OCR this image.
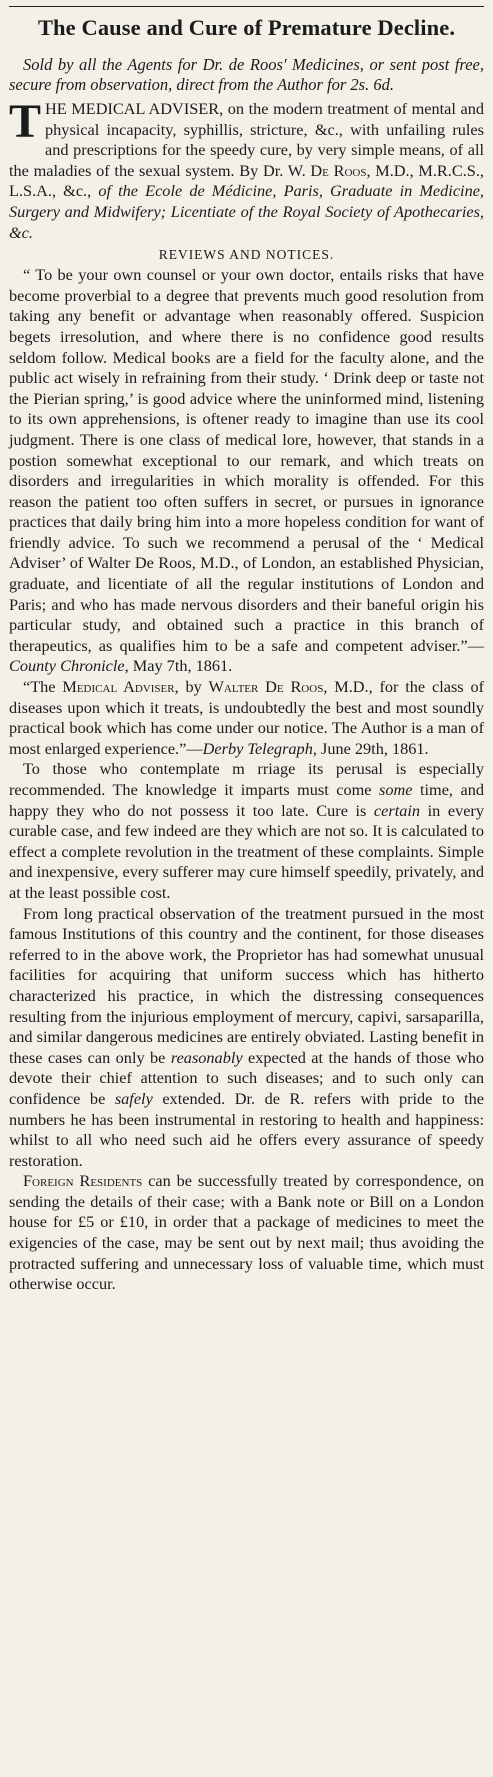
The Cause and Cure of Premature Decline.

Sold by all the Agents for Dr. de Roos' Medicines, or sent post free, secure from observation, direct from the Author for 2s. 6d.

THE MEDICAL ADVISER, on the modern treatment of mental and physical incapacity, syphillis, stricture, &c., with unfailing rules and prescriptions for the speedy cure, by very simple means, of all the maladies of the sexual system. By Dr. W. De Roos, M.D., M.R.C.S., L.S.A., &c., of the Ecole de Médicine, Paris, Graduate in Medicine, Surgery and Midwifery; Licentiate of the Royal Society of Apothecaries, &c.

REVIEWS AND NOTICES.

“ To be your own counsel or your own doctor, entails risks that have become proverbial to a degree that prevents much good resolution from taking any benefit or advantage when reasonably offered. Suspicion begets irresolution, and where there is no confidence good results seldom follow. Medical books are a field for the faculty alone, and the public act wisely in refraining from their study. ‘ Drink deep or taste not the Pierian spring,’ is good advice where the uninformed mind, listening to its own apprehensions, is oftener ready to imagine than use its cool judgment. There is one class of medical lore, however, that stands in a postion somewhat exceptional to our remark, and which treats on disorders and irregularities in which morality is offended. For this reason the patient too often suffers in secret, or pursues in ignorance practices that daily bring him into a more hopeless condition for want of friendly advice. To such we recommend a perusal of the ‘ Medical Adviser’ of Walter De Roos, M.D., of London, an established Physician, graduate, and licentiate of all the regular institutions of London and Paris; and who has made nervous disorders and their baneful origin his particular study, and obtained such a practice in this branch of therapeutics, as qualifies him to be a safe and competent adviser.”—County Chronicle, May 7th, 1861.

“The Medical Adviser, by Walter De Roos, M.D., for the class of diseases upon which it treats, is undoubtedly the best and most soundly practical book which has come under our notice. The Author is a man of most enlarged experience.”—Derby Telegraph, June 29th, 1861.

To those who contemplate m rriage its perusal is especially recommended. The knowledge it imparts must come some time, and happy they who do not possess it too late. Cure is certain in every curable case, and few indeed are they which are not so. It is calculated to effect a complete revolution in the treatment of these complaints. Simple and inexpensive, every sufferer may cure himself speedily, privately, and at the least possible cost.

From long practical observation of the treatment pursued in the most famous Institutions of this country and the continent, for those diseases referred to in the above work, the Proprietor has had somewhat unusual facilities for acquiring that uniform success which has hitherto characterized his practice, in which the distressing consequences resulting from the injurious employment of mercury, capivi, sarsaparilla, and similar dangerous medicines are entirely obviated. Lasting benefit in these cases can only be reasonably expected at the hands of those who devote their chief attention to such diseases; and to such only can confidence be safely extended. Dr. de R. refers with pride to the numbers he has been instrumental in restoring to health and happiness: whilst to all who need such aid he offers every assurance of speedy restoration.

Foreign Residents can be successfully treated by correspondence, on sending the details of their case; with a Bank note or Bill on a London house for £5 or £10, in order that a package of medicines to meet the exigencies of the case, may be sent out by next mail; thus avoiding the protracted suffering and unnecessary loss of valuable time, which must otherwise occur.
